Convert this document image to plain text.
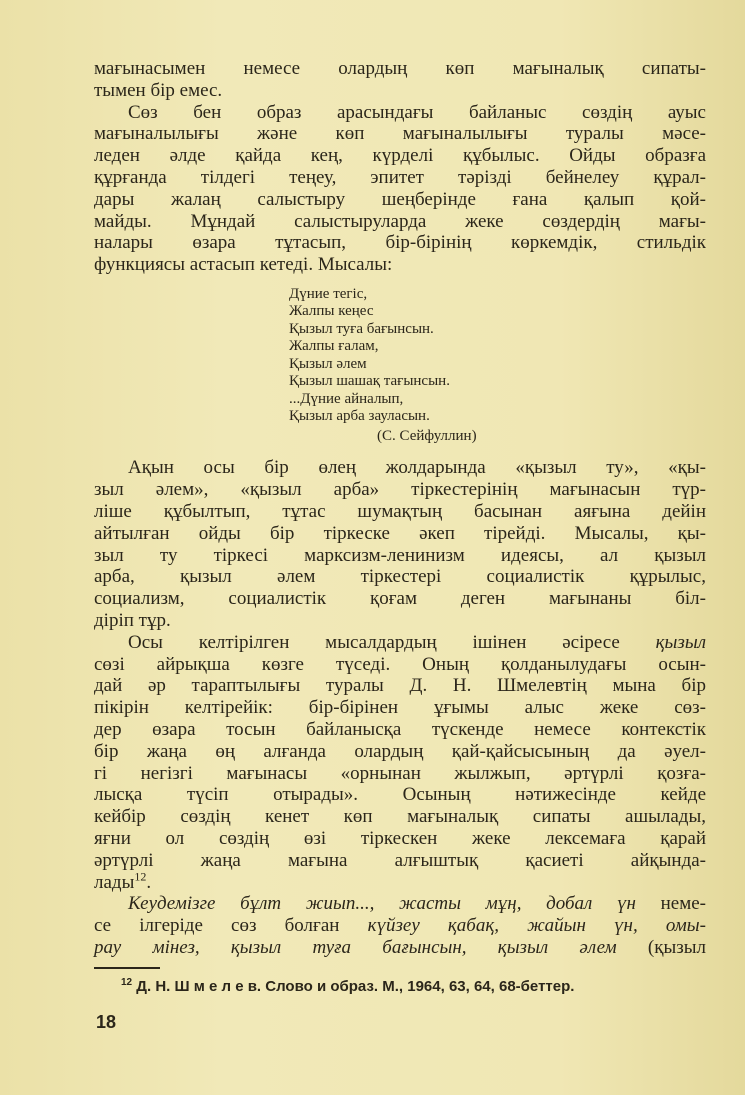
мағынасымен немесе олардың көп мағыналық сипаты-
тымен бір емес.
Сөз бен образ арасындағы байланыс сөздің ауыс
мағыналылығы және көп мағыналылығы туралы мәсе-
леден әлде қайда кең, күрделі құбылыс. Ойды образға
құрғанда тілдегі теңеу, эпитет тәрізді бейнелеу құрал-
дары жалаң салыстыру шеңберінде ғана қалып қой-
майды. Мұндай салыстыруларда жеке сөздердің мағы-
налары өзара тұтасып, бір-бірінің көркемдік, стильдік
функциясы астасып кетеді. Мысалы:
Дүние тегіс,
Жалпы кеңес
Қызыл туға бағынсын.
Жалпы ғалам,
Қызыл әлем
Қызыл шашақ тағынсын.
...Дүние айналып,
Қызыл арба зауласын.
(С. Сейфуллин)
Ақын осы бір өлең жолдарында «қызыл ту», «қы-
зыл әлем», «қызыл арба» тіркестерінің мағынасын түр-
ліше құбылтып, тұтас шумақтың басынан аяғына дейін
айтылған ойды бір тіркеске әкеп тірейді. Мысалы, қы-
зыл ту тіркесі марксизм-ленинизм идеясы, ал қызыл
арба, қызыл әлем тіркестері социалистік құрылыс,
социализм, социалистік қоғам деген мағынаны біл-
діріп тұр.
Осы келтірілген мысалдардың ішінен әсіресе қызыл
сөзі айрықша көзге түседі. Оның қолданылудағы осын-
дай әр тараптылығы туралы Д. Н. Шмелевтің мына бір
пікірін келтірейік: бір-бірінен ұғымы алыс жеке сөз-
дер өзара тосын байланысқа түскенде немесе контекстік
бір жаңа өң алғанда олардың қай-қайсысының да әуел-
гі негізгі мағынасы «орнынан жылжып, әртүрлі қозға-
лысқа түсіп отырады». Осының нәтижесінде кейде
кейбір сөздің кенет көп мағыналық сипаты ашылады,
яғни ол сөздің өзі тіркескен жеке лексемаға қарай
әртүрлі жаңа мағына алғыштық қасиеті айқында-
лады$^{12}$.
Кеудемізге бұлт жиып..., жасты мұң, добал үн неме-
се ілгеріде сөз болған күйзеу қабақ, жайын үн, омы-
рау мінез, қызыл туға бағынсын, қызыл әлем (қызыл
$^{12}$ Д. Н. Ш м е л е в. Слово и образ. М., 1964, 63, 64, 68-беттер.
18
